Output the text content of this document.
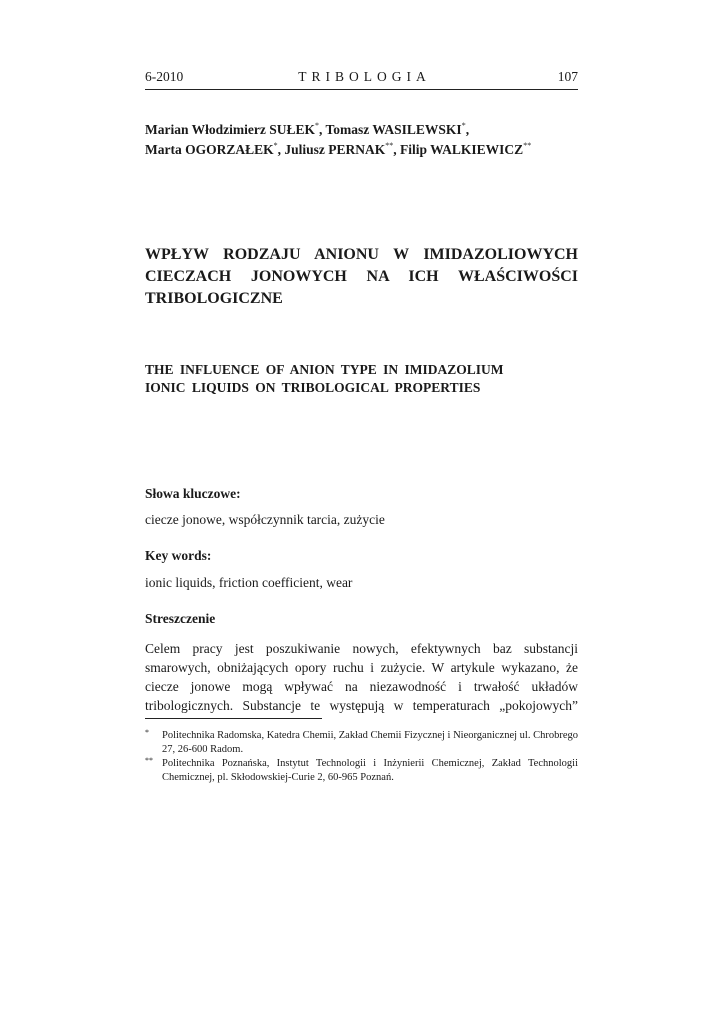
6-2010	TRIBOLOGIA	107
Marian Włodzimierz SUŁEK*, Tomasz WASILEWSKI*,
Marta OGORZAŁEK*, Juliusz PERNAK**, Filip WALKIEWICZ**
WPŁYW RODZAJU ANIONU W IMIDAZOLIOWYCH CIECZACH JONOWYCH NA ICH WŁAŚCIWOŚCI TRIBOLOGICZNE
THE INFLUENCE OF ANION TYPE IN IMIDAZOLIUM IONIC LIQUIDS ON TRIBOLOGICAL PROPERTIES
Słowa kluczowe:
ciecze jonowe, współczynnik tarcia, zużycie
Key words:
ionic liquids, friction coefficient, wear
Streszczenie
Celem pracy jest poszukiwanie nowych, efektywnych baz substancji smarowych, obniżających opory ruchu i zużycie. W artykule wykazano, że ciecze jonowe mogą wpływać na niezawodność i trwałość układów tribologicznych. Substancje te występują w temperaturach „pokojowych”
* Politechnika Radomska, Katedra Chemii, Zakład Chemii Fizycznej i Nieorganicznej ul. Chrobrego 27, 26-600 Radom.
** Politechnika Poznańska, Instytut Technologii i Inżynierii Chemicznej, Zakład Technologii Chemicznej, pl. Skłodowskiej-Curie 2, 60-965 Poznań.
